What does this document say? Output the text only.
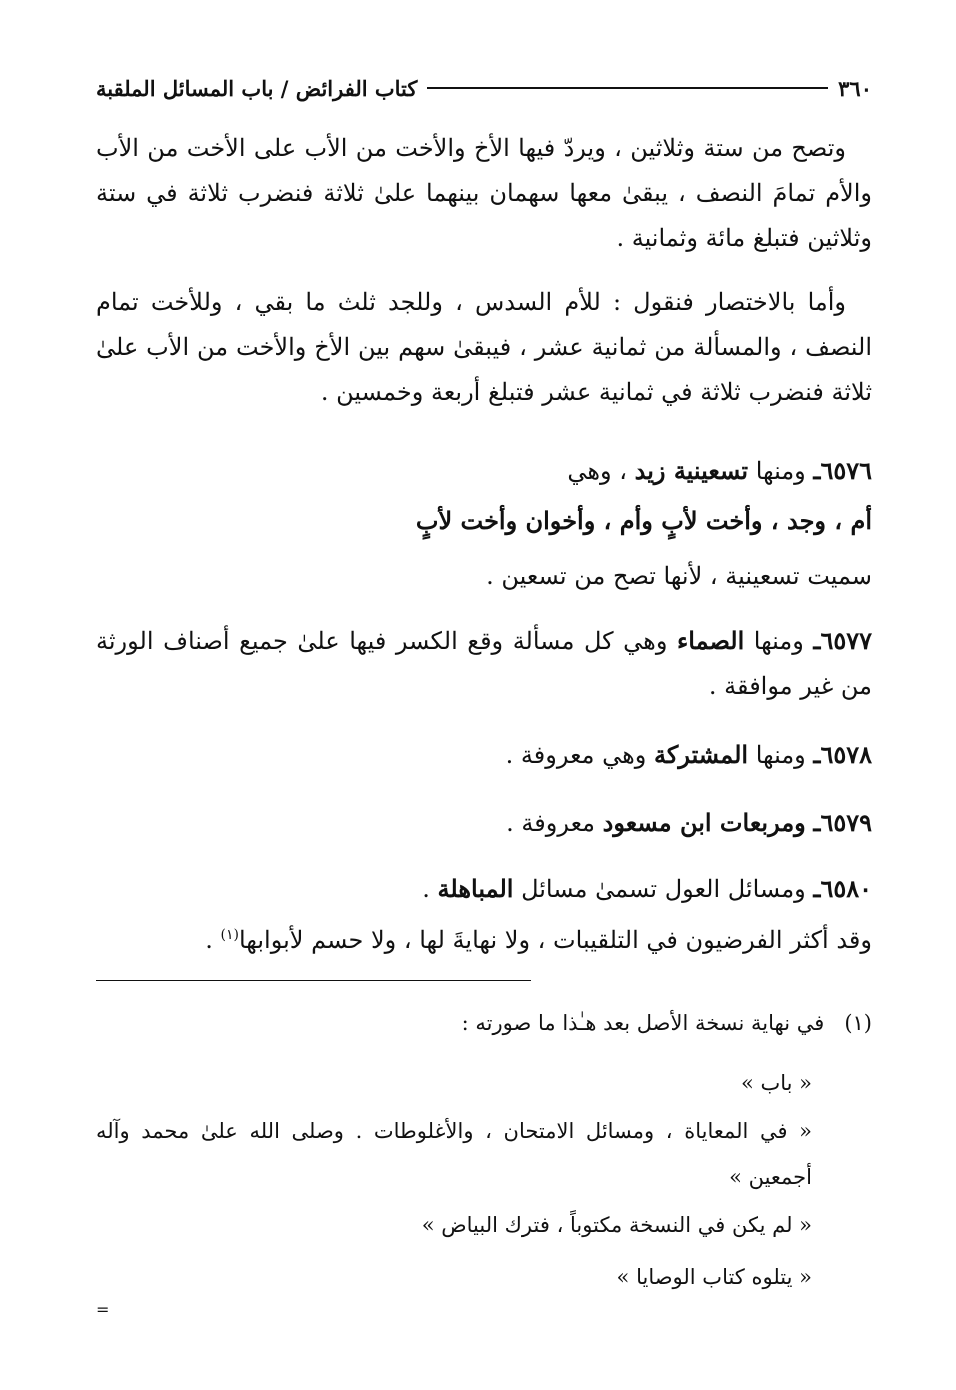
٣٦٠
كتاب الفرائض / باب المسائل الملقبة

وتصح من ستة وثلاثين ، ويردّ فيها الأخ والأخت من الأب على الأخت من الأب والأم تمامَ النصف ، يبقىٰ معها سهمان بينهما علىٰ ثلاثة فنضرب ثلاثة في ستة وثلاثين فتبلغ مائة وثمانية .

وأما بالاختصار فنقول : للأم السدس ، وللجد ثلث ما بقي ، وللأخت تمام النصف ، والمسألة من ثمانية عشر ، فيبقىٰ سهم بين الأخ والأخت من الأب علىٰ ثلاثة فنضرب ثلاثة في ثمانية عشر فتبلغ أربعة وخمسين .

٦٥٧٦ـ ومنها تسعينية زيد ، وهي
أم ، وجد ، وأخت لأبٍ وأم ، وأخوان وأخت لأبٍ
سميت تسعينية ، لأنها تصح من تسعين .
٦٥٧٧ـ ومنها الصماء وهي كل مسألة وقع الكسر فيها علىٰ جميع أصناف الورثة من غير موافقة .
٦٥٧٨ـ ومنها المشتركة وهي معروفة .
٦٥٧٩ـ ومربعات ابن مسعود معروفة .
٦٥٨٠ـ ومسائل العول تسمىٰ مسائل المباهلة .
وقد أكثر الفرضيون في التلقيبات ، ولا نهايةَ لها ، ولا حسم لأبوابها$^{(١)}$ .
(١)   في نهاية نسخة الأصل بعد هـٰذا ما صورته :
« باب »
« في المعاياة ، ومسائل الامتحان ، والأغلوطات . وصلى الله علىٰ محمد وآله أجمعين »
« لم يكن في النسخة مكتوباً ، فترك البياض »
« يتلوه كتاب الوصايا »
=
